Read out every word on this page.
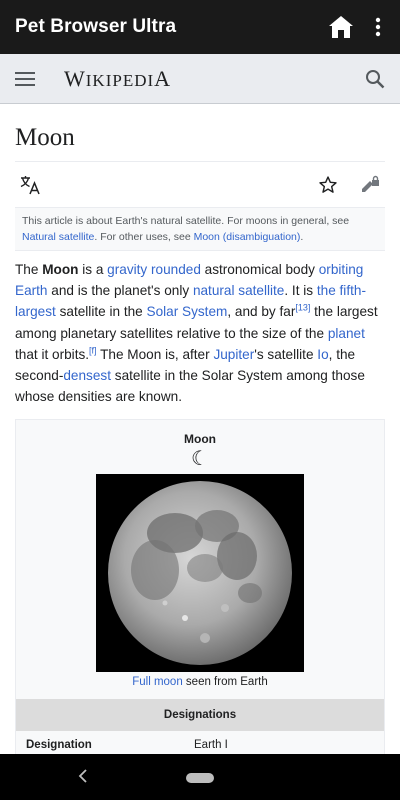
Pet Browser Ultra
WIKIPEDIA
Moon
This article is about Earth's natural satellite. For moons in general, see Natural satellite. For other uses, see Moon (disambiguation).

The Moon is a gravity rounded astronomical body orbiting Earth and is the planet's only natural satellite. It is the fifth-largest satellite in the Solar System, and by far[13] the largest among planetary satellites relative to the size of the planet that it orbits.[f] The Moon is, after Jupiter's satellite Io, the second-densest satellite in the Solar System among those whose densities are known.

Moon
☾
Full moon seen from Earth
Designations
Designation	Earth I
